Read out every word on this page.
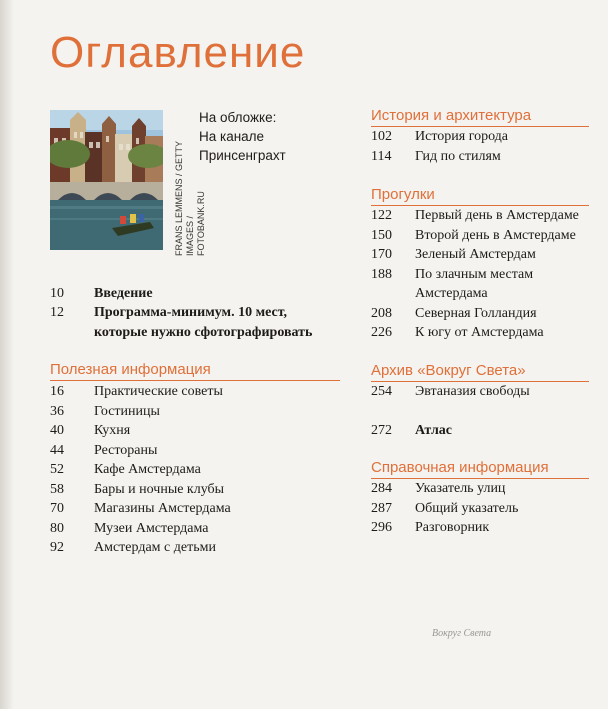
Оглавление
FRANS LEMMENS / GETTY IMAGES /
FOTOBANK.RU
На обложке:
На канале
Принсенграхт
10	Введение
12	Программа-минимум. 10 мест,
которые нужно сфотографировать
Полезная информация
16	Практические советы
36	Гостиницы
40	Кухня
44	Рестораны
52	Кафе Амстердама
58	Бары и ночные клубы
70	Магазины Амстердама
80	Музеи Амстердама
92	Амстердам с детьми
История и архитектура
102	История города
114	Гид по стилям
Прогулки
122	Первый день в Амстердаме
150	Второй день в Амстердаме
170	Зеленый Амстердам
188	По злачным местам
Амстердама
208	Северная Голландия
226	К югу от Амстердама
Архив «Вокруг Света»
254	Эвтаназия свободы
272	Атлас
Справочная информация
284	Указатель улиц
287	Общий указатель
296	Разговорник
Вокруг Света
